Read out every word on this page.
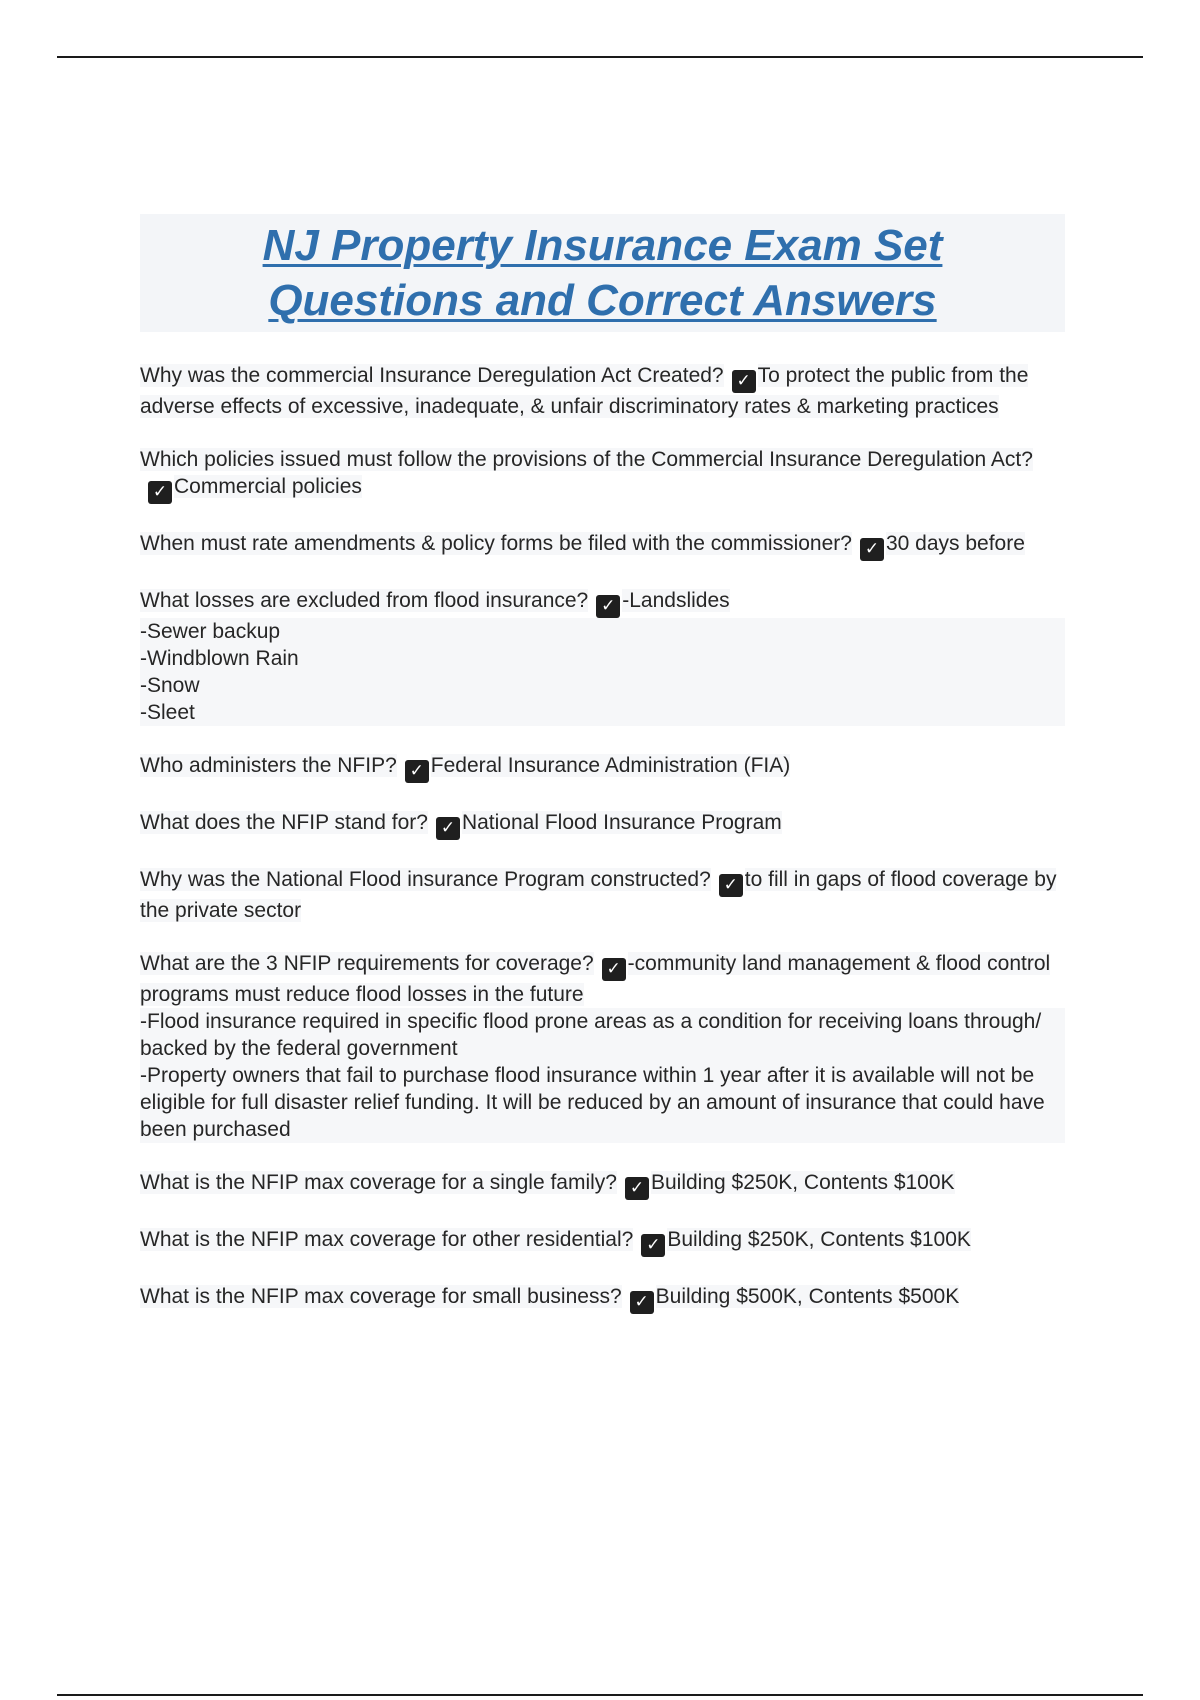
NJ Property Insurance Exam Set
Questions and Correct Answers
Why was the commercial Insurance Deregulation Act Created? ✓ To protect the public from the adverse effects of excessive, inadequate, & unfair discriminatory rates & marketing practices
Which policies issued must follow the provisions of the Commercial Insurance Deregulation Act?✓ Commercial policies
When must rate amendments & policy forms be filed with the commissioner? ✓ 30 days before
What losses are excluded from flood insurance? ✓ -Landslides
-Sewer backup
-Windblown Rain
-Snow
-Sleet
Who administers the NFIP? ✓ Federal Insurance Administration (FIA)
What does the NFIP stand for? ✓ National Flood Insurance Program
Why was the National Flood insurance Program constructed? ✓ to fill in gaps of flood coverage by the private sector
What are the 3 NFIP requirements for coverage? ✓ -community land management & flood control programs must reduce flood losses in the future
-Flood insurance required in specific flood prone areas as a condition for receiving loans through/ backed by the federal government
-Property owners that fail to purchase flood insurance within 1 year after it is available will not be eligible for full disaster relief funding. It will be reduced by an amount of insurance that could have been purchased
What is the NFIP max coverage for a single family? ✓ Building $250K, Contents $100K
What is the NFIP max coverage for other residential? ✓ Building $250K, Contents $100K
What is the NFIP max coverage for small business? ✓ Building $500K, Contents $500K
